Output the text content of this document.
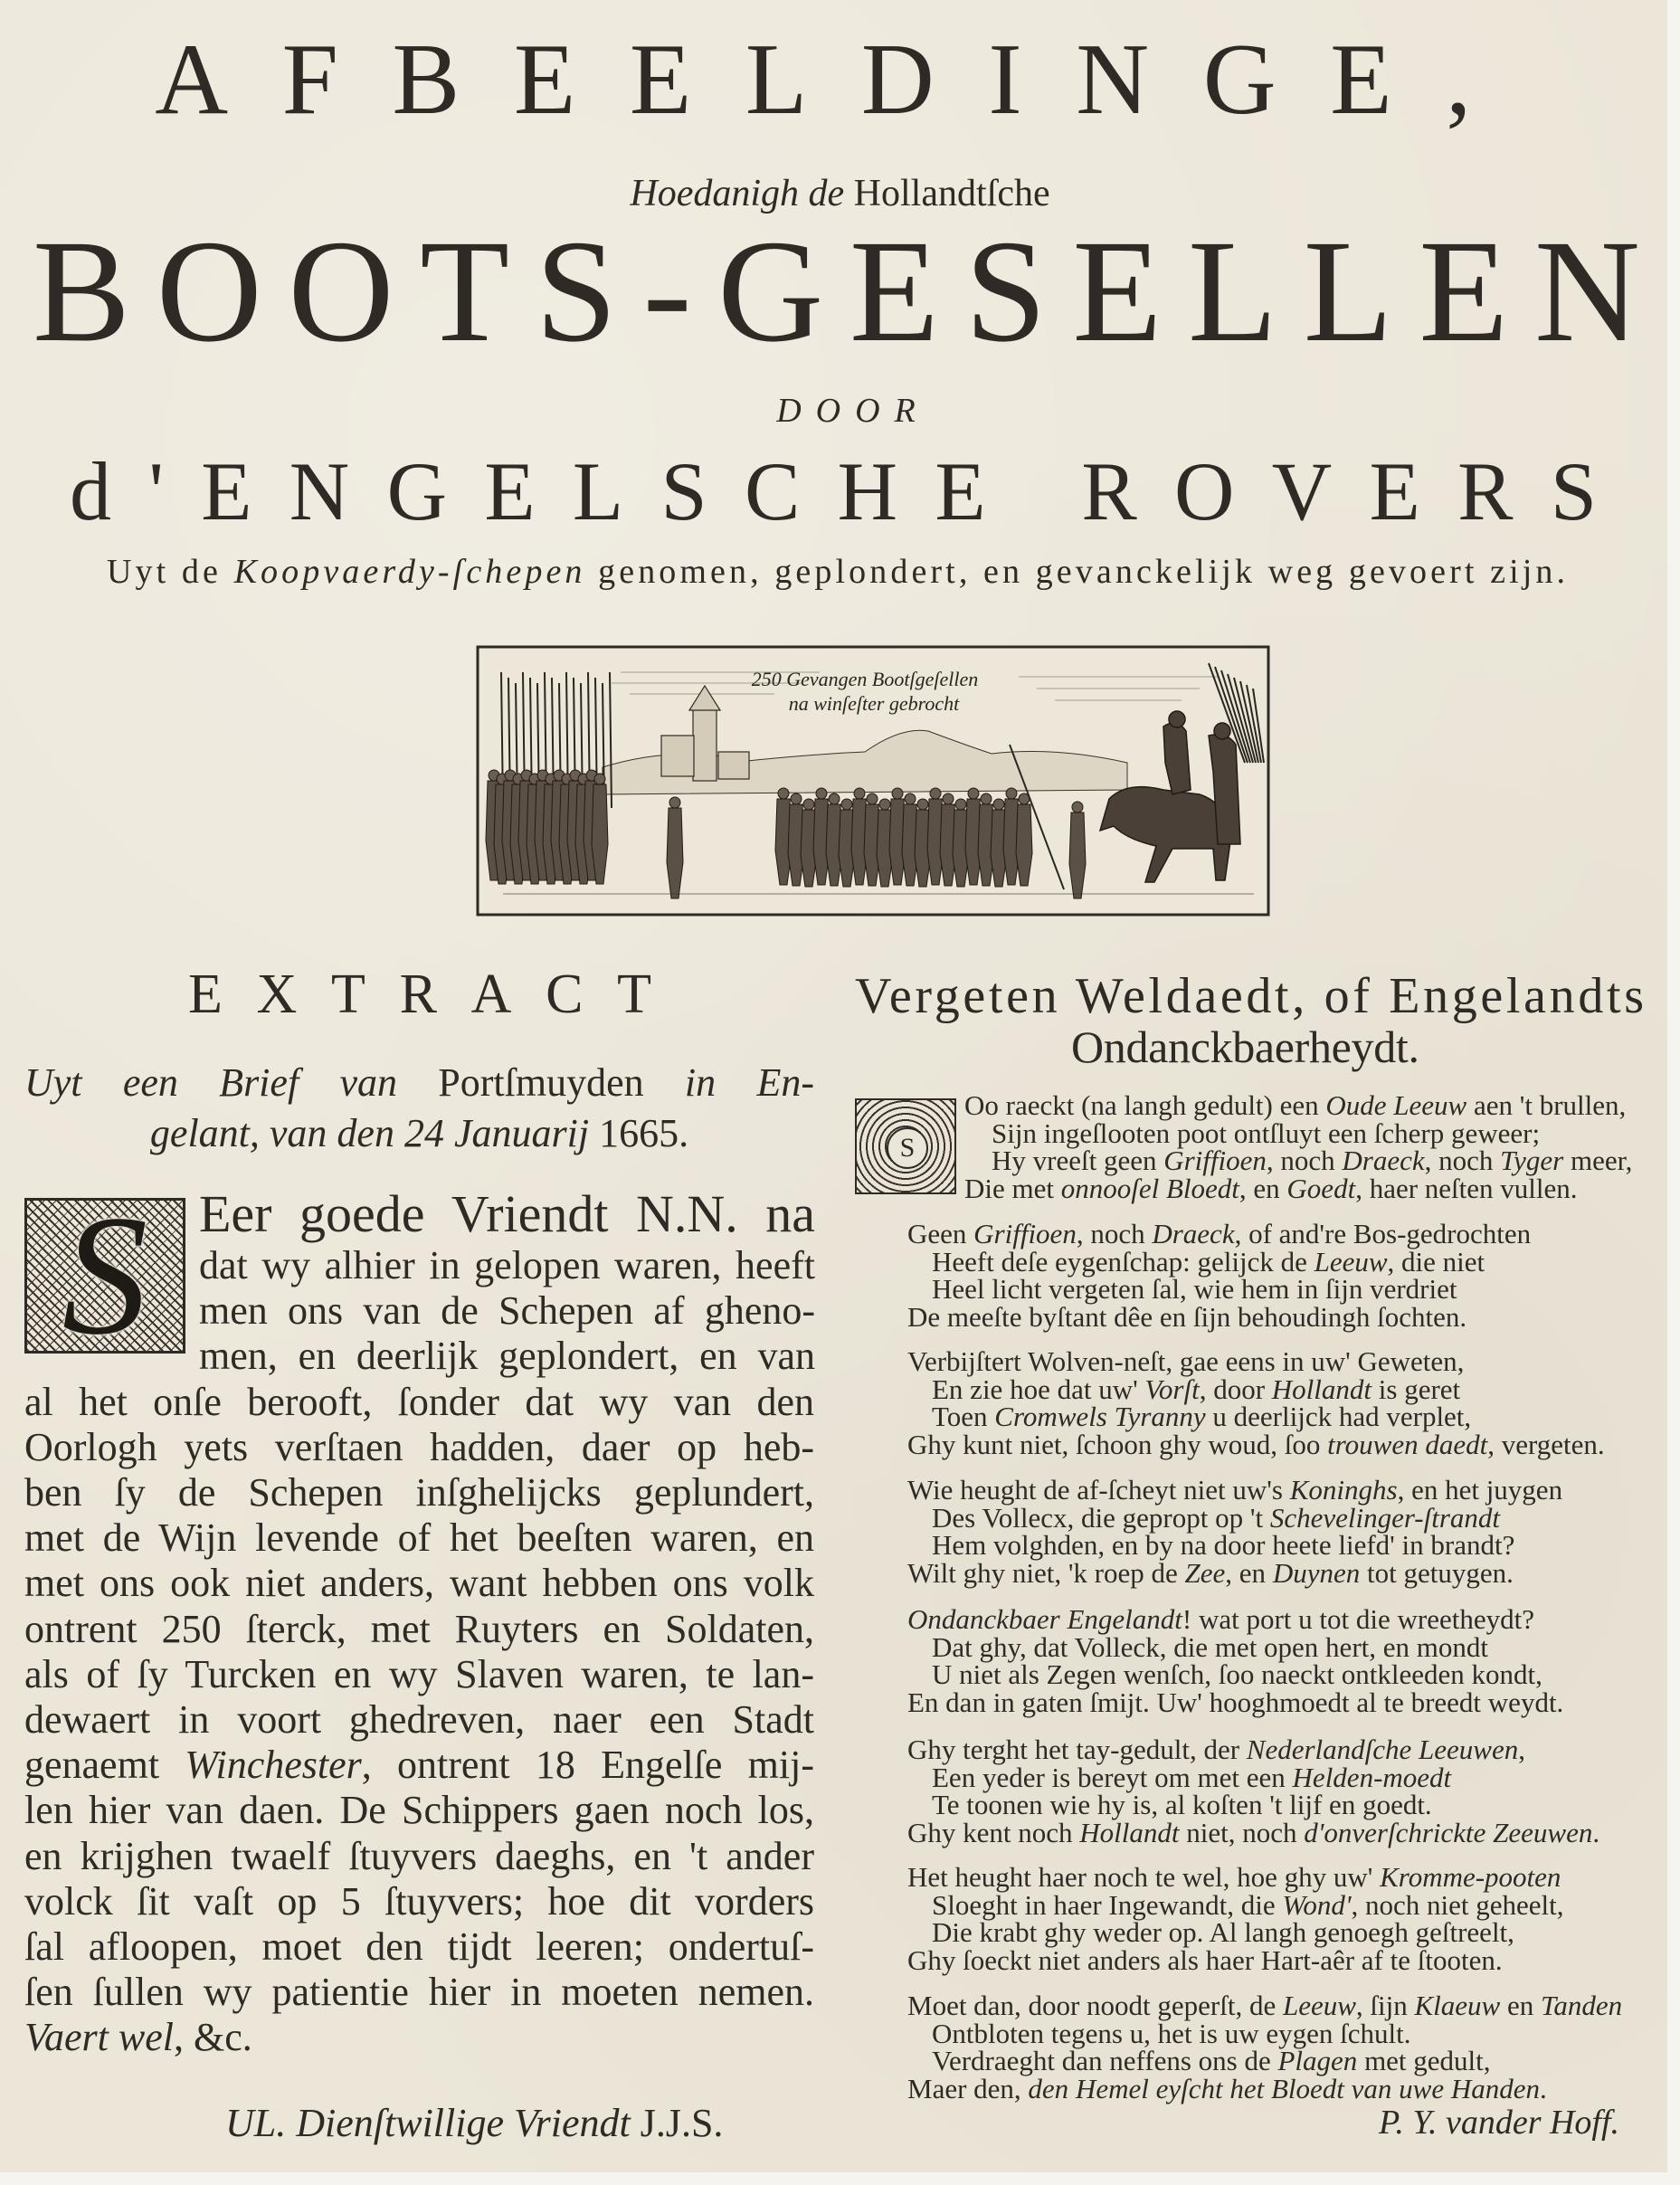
AFBEELDINGE,
Hoedanigh de Hollandtſche
BOOTS-GESELLEN
DOOR
d'ENGELSCHE ROVERS
Uyt de Koopvaerdy-ſchepen genomen, geplondert, en gevanckelijk weg gevoert zijn.
250 Gevangen Bootſgeſellen
na winſeſter gebrocht
EXTRACT
Uyt een Brief van Portſmuyden in En-
gelant, van den 24 Januarij 1665.
S Eer goede Vriendt N.N. na
dat wy alhier in gelopen waren, heeft
men ons van de Schepen af gheno-
men, en deerlijk geplondert, en van
al het onſe berooft, ſonder dat wy van den
Oorlogh yets verſtaen hadden, daer op heb-
ben ſy de Schepen inſghelijcks geplundert,
met de Wijn levende of het beeſten waren, en
met ons ook niet anders, want hebben ons volk
ontrent 250 ſterck, met Ruyters en Soldaten,
als of ſy Turcken en wy Slaven waren, te lan-
dewaert in voort ghedreven, naer een Stadt
genaemt Winchester, ontrent 18 Engelſe mij-
len hier van daen. De Schippers gaen noch los,
en krijghen twaelf ſtuyvers daeghs, en 't ander
volck ſit vaſt op 5 ſtuyvers; hoe dit vorders
ſal afloopen, moet den tijdt leeren; ondertuſ-
ſen ſullen wy patientie hier in moeten nemen.
Vaert wel, &c.
UL. Dienſtwillige Vriendt J.J.S.
Vergeten Weldaedt, of Engelandts
Ondanckbaerheydt.
S
Oo raeckt (na langh gedult) een Oude Leeuw aen 't brullen,
Sijn ingeſlooten poot ontſluyt een ſcherp geweer;
Hy vreeſt geen Griffioen, noch Draeck, noch Tyger meer,
Die met onnooſel Bloedt, en Goedt, haer neſten vullen.
Geen Griffioen, noch Draeck, of and're Bos-gedrochten
Heeft deſe eygenſchap: gelijck de Leeuw, die niet
Heel licht vergeten ſal, wie hem in ſijn verdriet
De meeſte byſtant dêe en ſijn behoudingh ſochten.
Verbijſtert Wolven-neſt, gae eens in uw' Geweten,
En zie hoe dat uw' Vorſt, door Hollandt is geret
Toen Cromwels Tyranny u deerlijck had verplet,
Ghy kunt niet, ſchoon ghy woud, ſoo trouwen daedt, vergeten.
Wie heught de af-ſcheyt niet uw's Koninghs, en het juygen
Des Vollecx, die gepropt op 't Schevelinger-ſtrandt
Hem volghden, en by na door heete liefd' in brandt?
Wilt ghy niet, 'k roep de Zee, en Duynen tot getuygen.
Ondanckbaer Engelandt! wat port u tot die wreetheydt?
Dat ghy, dat Volleck, die met open hert, en mondt
U niet als Zegen wenſch, ſoo naeckt ontkleeden kondt,
En dan in gaten ſmijt. Uw' hooghmoedt al te breedt weydt.
Ghy terght het tay-gedult, der Nederlandſche Leeuwen,
Een yeder is bereyt om met een Helden-moedt
Te toonen wie hy is, al koſten 't lijf en goedt.
Ghy kent noch Hollandt niet, noch d'onverſchrickte Zeeuwen.
Het heught haer noch te wel, hoe ghy uw' Kromme-pooten
Sloeght in haer Ingewandt, die Wond', noch niet geheelt,
Die krabt ghy weder op. Al langh genoegh geſtreelt,
Ghy ſoeckt niet anders als haer Hart-aêr af te ſtooten.
Moet dan, door noodt geperſt, de Leeuw, ſijn Klaeuw en Tanden
Ontbloten tegens u, het is uw eygen ſchult.
Verdraeght dan neffens ons de Plagen met gedult,
Maer den, den Hemel eyſcht het Bloedt van uwe Handen.
P. Y. vander Hoff.
